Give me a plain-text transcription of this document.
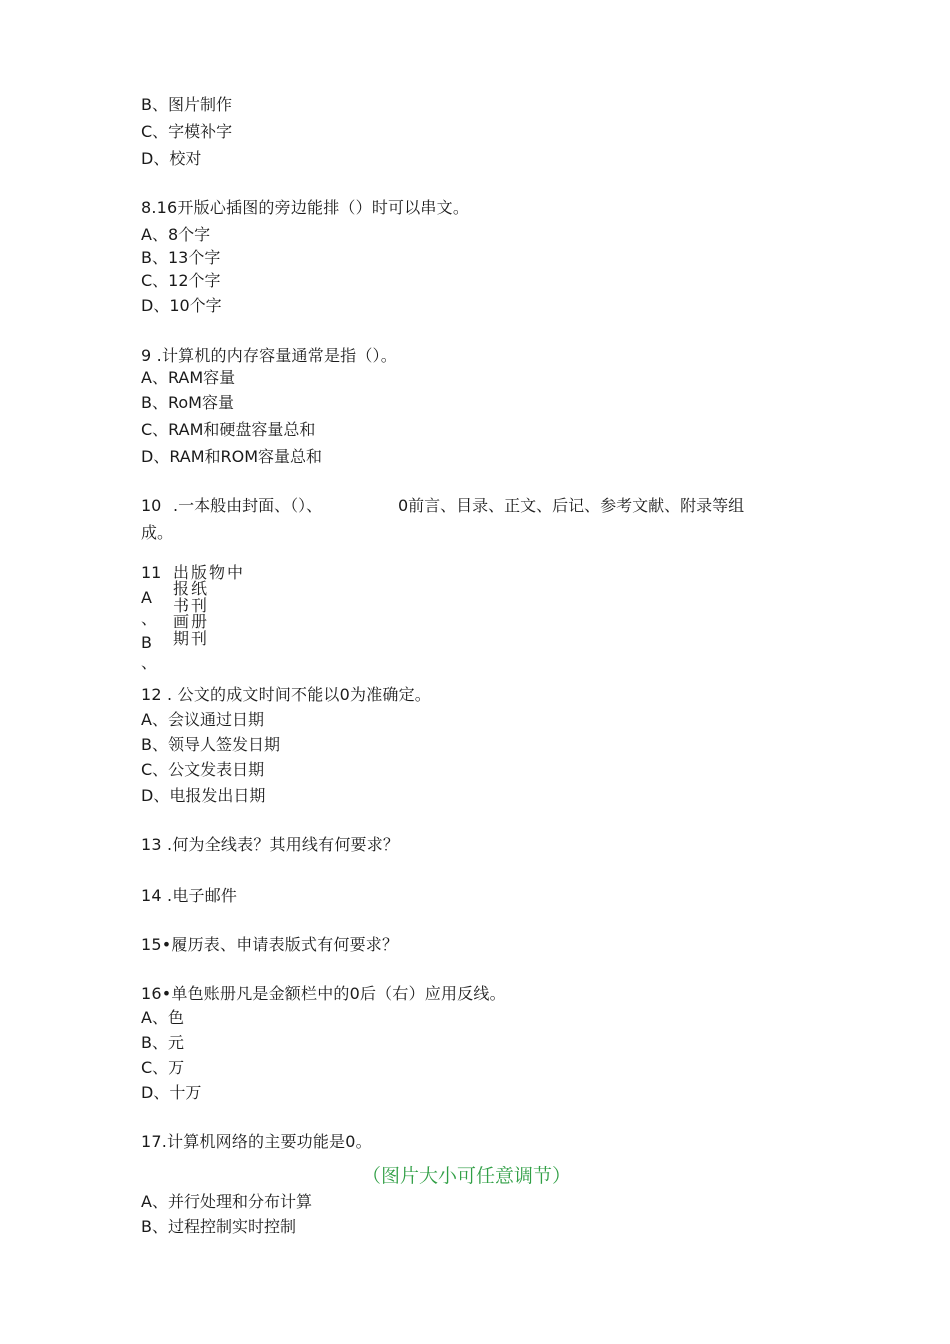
B、图片制作
C、字模补字
D、校对
8.16开版心插图的旁边能排（）时可以串文。
A、8个字
B、13个字
C、12个字
D、10个字
9 .计算机的内存容量通常是指（）。
A、RAM容量
B、RoM容量
C、RAM和硬盘容量总和
D、RAM和ROM容量总和
10 .一本般由封面、（）、	0前言、目录、正文、后记、参考文献、附录等组
成。
11
A
、
B
、
出版物中
报纸
书刊
画册
期刊
12 . 公文的成文时间不能以0为准确定。
A、会议通过日期
B、领导人签发日期
C、公文发表日期
D、电报发出日期
13 .何为全线表？其用线有何要求？
14 .电子邮件
15•履历表、申请表版式有何要求？
16•单色账册凡是金额栏中的0后（右）应用反线。
A、色
B、元
C、万
D、十万
17.计算机网络的主要功能是0。
（图片大小可任意调节）
A、并行处理和分布计算
B、过程控制实时控制
